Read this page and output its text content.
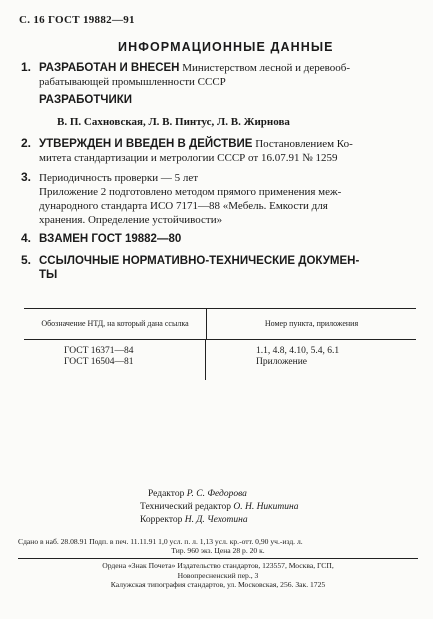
С. 16 ГОСТ 19882—91
ИНФОРМАЦИОННЫЕ ДАННЫЕ
1. РАЗРАБОТАН И ВНЕСЕН Министерством лесной и деревооб-
рабатывающей промышленности СССР
РАЗРАБОТЧИКИ
В. П. Сахновская, Л. В. Пинтус, Л. В. Жирнова
2. УТВЕРЖДЕН И ВВЕДЕН В ДЕЙСТВИЕ Постановлением Ко-
митета стандартизации и метрологии СССР от 16.07.91 № 1259
3. Периодичность проверки — 5 лет
Приложение 2 подготовлено методом прямого применения меж-
дународного стандарта ИСО 7171—88 «Мебель. Емкости для
хранения. Определение устойчивости»
4. ВЗАМЕН ГОСТ 19882—80
5. ССЫЛОЧНЫЕ НОРМАТИВНО-ТЕХНИЧЕСКИЕ ДОКУМЕН-
ТЫ
Обозначение НТД, на который дана ссылка	Номер пункта, приложения
ГОСТ 16371—84	1.1, 4.8, 4.10, 5.4, 6.1
ГОСТ 16504—81	Приложение
Редактор Р. С. Федорова
Технический редактор О. Н. Никитина
Корректор Н. Д. Чехотина
Сдано в наб. 28.08.91 Подп. в печ. 11.11.91 1,0 усл. п. л. 1,13 усл. кр.-отт. 0,90 уч.-изд. л.
Тир. 960 экз. Цена 28 р. 20 к.
Ордена «Знак Почета» Издательство стандартов, 123557, Москва, ГСП,
Новопресненский пер., 3
Калужская типография стандартов, ул. Московская, 256. Зак. 1725
